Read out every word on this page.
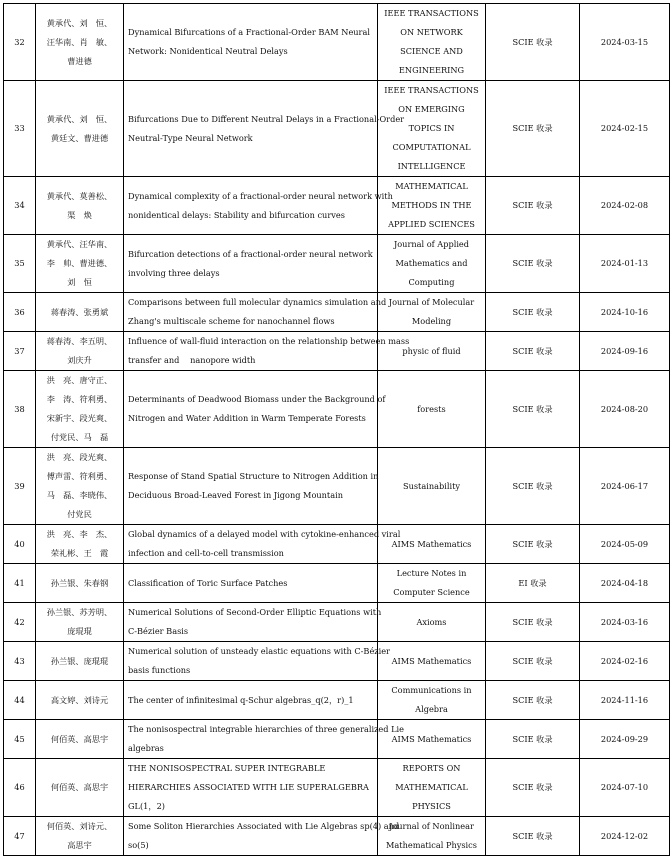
32	黄承代、刘　恒、
汪华南、肖　敏、
曹进德	Dynamical Bifurcations of a Fractional-Order BAM Neural
Network: Nonidentical Neutral Delays	IEEE TRANSACTIONS
ON NETWORK
SCIENCE AND
ENGINEERING	SCIE 收录	2024-03-15
33	黄承代、刘　恒、
黄廷文、曹进德	Bifurcations Due to Different Neutral Delays in a Fractional-Order
Neutral-Type Neural Network	IEEE TRANSACTIONS
ON EMERGING
TOPICS IN
COMPUTATIONAL
INTELLIGENCE	SCIE 收录	2024-02-15
34	黄承代、莫善松、
渠　焕	Dynamical complexity of a fractional-order neural network with
nonidentical delays: Stability and bifurcation curves	MATHEMATICAL
METHODS IN THE
APPLIED SCIENCES	SCIE 收录	2024-02-08
35	黄承代、汪华南、
李　帅、曹进德、
刘　恒	Bifurcation detections of a fractional-order neural network
involving three delays	Journal of Applied
Mathematics and
Computing	SCIE 收录	2024-01-13
36	蒋春涛、张勇斌	Comparisons between full molecular dynamics simulation and
Zhang's multiscale scheme for nanochannel flows	Journal of Molecular
Modeling	SCIE 收录	2024-10-16
37	蒋春涛、李五明、
刘庆升	Influence of wall-fluid interaction on the relationship between mass
transfer and 　nanopore width	physic of fluid	SCIE 收录	2024-09-16
38	洪　亮、唐守正、
李　涛、符利勇、
宋新宇、段光爽、
付党民、马　磊	Determinants of Deadwood Biomass under the Background of
Nitrogen and Water Addition in Warm Temperate Forests	forests	SCIE 收录	2024-08-20
39	洪　亮、段光爽、
傅声雷、符利勇、
马　磊、李晓伟、
付党民	Response of Stand Spatial Structure to Nitrogen Addition in
Deciduous Broad-Leaved Forest in Jigong Mountain	Sustainability	SCIE 收录	2024-06-17
40	洪　亮、李　杰、
荣礼彬、王　霞	Global dynamics of a delayed model with cytokine-enhanced viral
infection and cell-to-cell transmission	AIMS Mathematics	SCIE 收录	2024-05-09
41	孙兰银、朱春钢	Classification of Toric Surface Patches	Lecture Notes in
Computer Science	EI 收录	2024-04-18
42	孙兰银、苏芳明、
庞琨琨	Numerical Solutions of Second-Order Elliptic Equations with
C-Bézier Basis	Axioms	SCIE 收录	2024-03-16
43	孙兰银、庞琨琨	Numerical solution of unsteady elastic equations with C-Bézier
basis functions	AIMS Mathematics	SCIE 收录	2024-02-16
44	高文婷、刘诗元	The center of infinitesimal q-Schur algebras_q(2，r)_1	Communications in
Algebra	SCIE 收录	2024-11-16
45	何佰英、高思宇	The nonisospectral integrable hierarchies of three generalized Lie
algebras	AIMS Mathematics	SCIE 收录	2024-09-29
46	何佰英、高思宇	THE NONISOSPECTRAL SUPER INTEGRABLE
HIERARCHIES ASSOCIATED WITH LIE SUPERALGEBRA
GL(1，2)	REPORTS ON
MATHEMATICAL
PHYSICS	SCIE 收录	2024-07-10
47	何佰英、刘诗元、
高思宇	Some Soliton Hierarchies Associated with Lie Algebras sp(4) and
so(5)	Journal of Nonlinear
Mathematical Physics	SCIE 收录	2024-12-02
